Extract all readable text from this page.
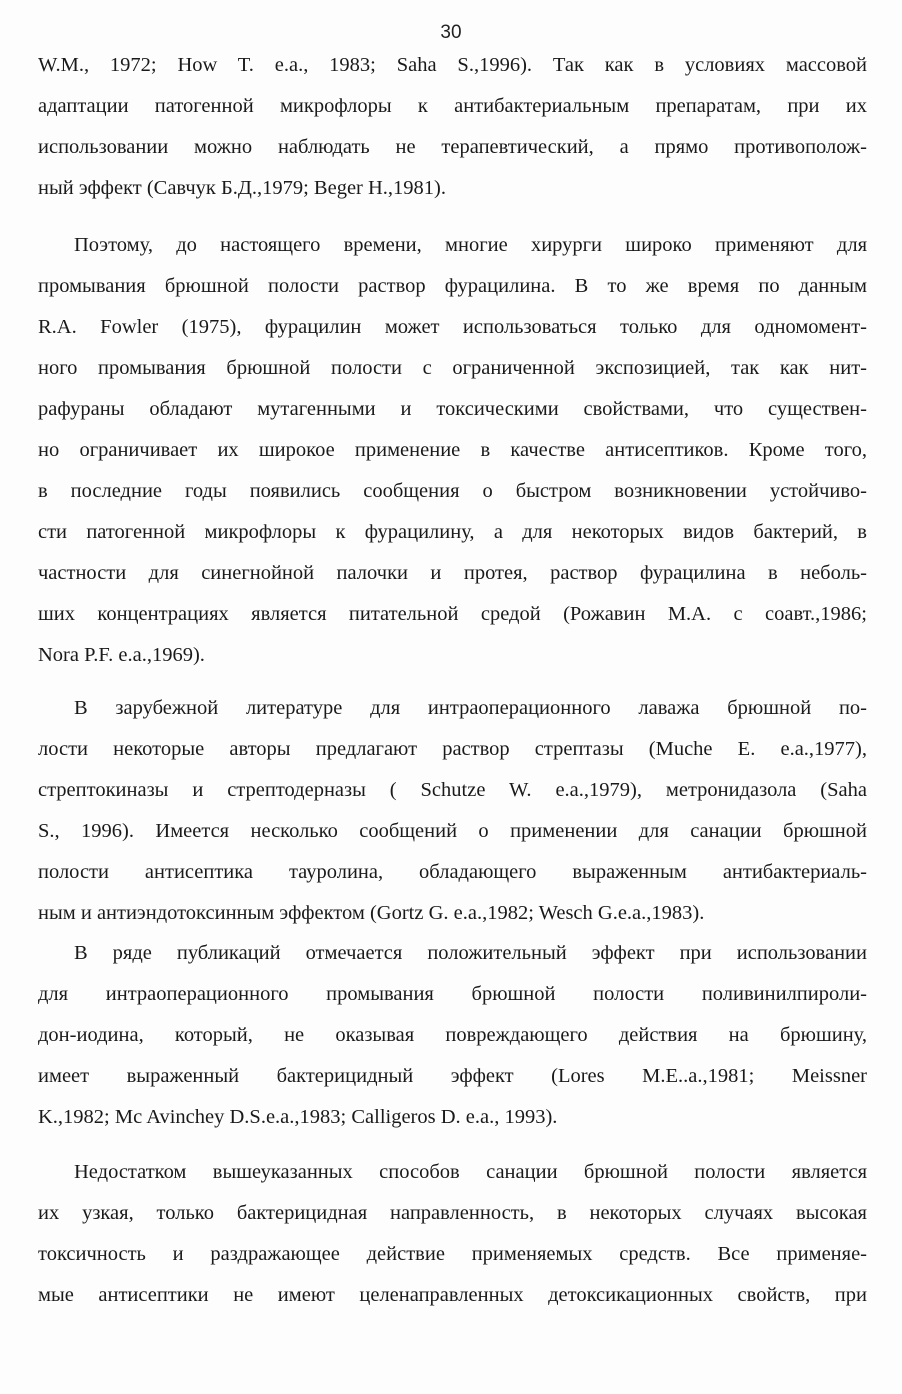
30
W.M., 1972; How T. e.a., 1983; Saha S.,1996). Так как в условиях массовой
адаптации патогенной микрофлоры к антибактериальным препаратам, при их
использовании можно наблюдать не терапевтический, а прямо противополож-
ный эффект (Савчук Б.Д.,1979; Beger H.,1981).
Поэтому, до настоящего времени, многие хирурги широко применяют для
промывания брюшной полости раствор фурацилина. В то же время по данным
R.A. Fowler (1975), фурацилин может использоваться только для одномомент-
ного промывания брюшной полости с ограниченной экспозицией, так как нит-
рафураны обладают мутагенными и токсическими свойствами, что существен-
но ограничивает их широкое применение в качестве антисептиков. Кроме того,
в последние годы появились сообщения о быстром возникновении устойчиво-
сти патогенной микрофлоры к фурацилину, а для некоторых видов бактерий, в
частности для синегнойной палочки и протея, раствор фурацилина в неболь-
ших концентрациях является питательной средой (Рожавин М.А. с соавт.,1986;
Nora P.F. e.a.,1969).
В зарубежной литературе для интраоперационного лаважа брюшной по-
лости некоторые авторы предлагают раствор стрептазы (Muche E. e.a.,1977),
стрептокиназы и стрептодерназы ( Schutze W. e.a.,1979), метронидазола (Saha
S., 1996). Имеется несколько сообщений о применении для санации брюшной
полости антисептика тауролина, обладающего выраженным антибактериаль-
ным и антиэндотоксинным эффектом (Gortz G. e.a.,1982; Wesch G.e.a.,1983).
В ряде публикаций отмечается положительный эффект при использовании
для интраоперационного промывания брюшной полости поливинилпироли-
дон-иодина, который, не оказывая повреждающего действия на брюшину,
имеет выраженный бактерицидный эффект (Lores M.E..a.,1981; Meissner
K.,1982; Mc Avinchey D.S.e.a.,1983; Calligeros D. e.a., 1993).
Недостатком вышеуказанных способов санации брюшной полости является
их узкая, только бактерицидная направленность, в некоторых случаях высокая
токсичность и раздражающее действие применяемых средств. Все применяе-
мые антисептики не имеют целенаправленных детоксикационных свойств, при
